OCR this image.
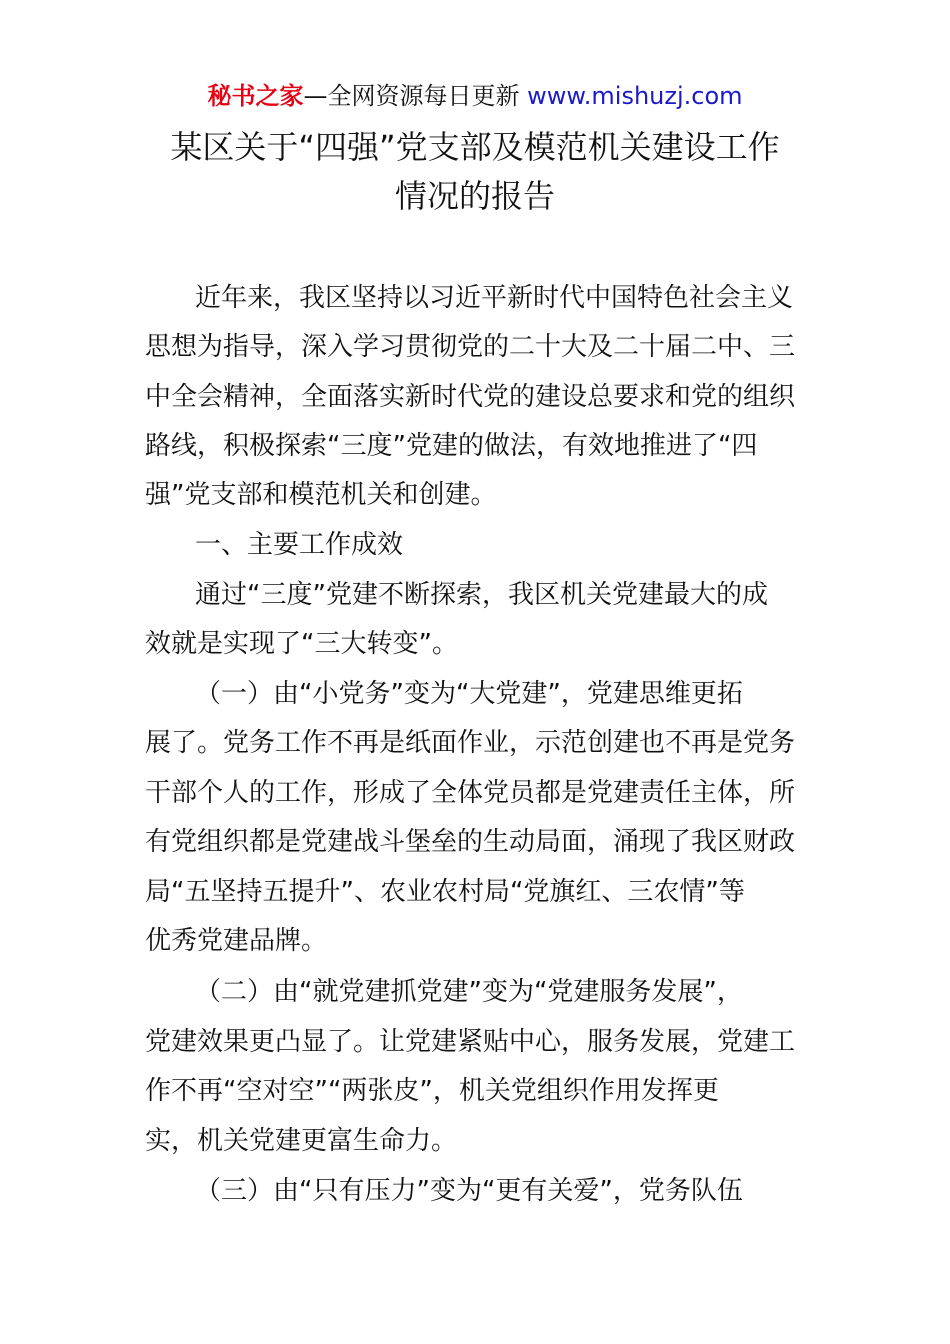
秘书之家—全网资源每日更新 www.mishuzj.com
某区关于“四强”党支部及模范机关建设工作
情况的报告
近年来，我区坚持以习近平新时代中国特色社会主义
思想为指导，深入学习贯彻党的二十大及二十届二中、三
中全会精神，全面落实新时代党的建设总要求和党的组织
路线，积极探索“三度”党建的做法，有效地推进了“四
强”党支部和模范机关和创建。
一、主要工作成效
通过“三度”党建不断探索，我区机关党建最大的成
效就是实现了“三大转变”。
（一）由“小党务”变为“大党建”，党建思维更拓
展了。党务工作不再是纸面作业，示范创建也不再是党务
干部个人的工作，形成了全体党员都是党建责任主体，所
有党组织都是党建战斗堡垒的生动局面，涌现了我区财政
局“五坚持五提升”、农业农村局“党旗红、三农情”等
优秀党建品牌。
（二）由“就党建抓党建”变为“党建服务发展”，
党建效果更凸显了。让党建紧贴中心，服务发展，党建工
作不再“空对空”“两张皮”，机关党组织作用发挥更
实，机关党建更富生命力。
（三）由“只有压力”变为“更有关爱”，党务队伍
